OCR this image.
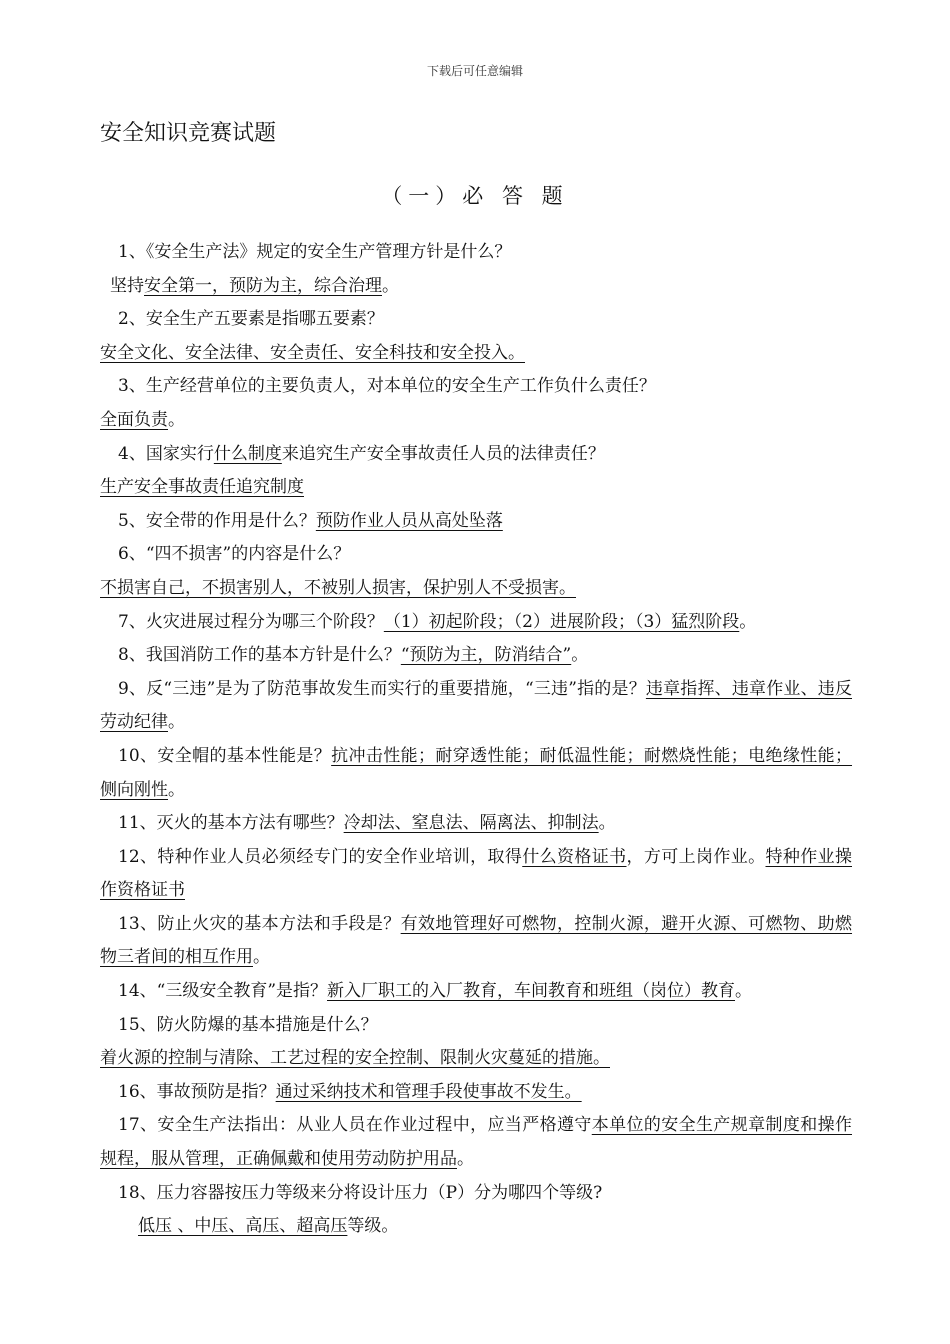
下载后可任意编辑
安全知识竞赛试题
（一）必 答 题

1、《安全生产法》规定的安全生产管理方针是什么？

坚持安全第一，预防为主，综合治理。

2、安全生产五要素是指哪五要素？

安全文化、安全法律、安全责任、安全科技和安全投入。

3、生产经营单位的主要负责人，对本单位的安全生产工作负什么责任？

全面负责。

4、国家实行什么制度来追究生产安全事故责任人员的法律责任？

生产安全事故责任追究制度

5、安全带的作用是什么？预防作业人员从高处坠落

6、“四不损害”的内容是什么？

不损害自己，不损害别人，不被别人损害，保护别人不受损害。

7、火灾进展过程分为哪三个阶段？（1）初起阶段；（2）进展阶段；（3）猛烈阶段。

8、我国消防工作的基本方针是什么？“预防为主，防消结合”。

9、反“三违”是为了防范事故发生而实行的重要措施，“三违”指的是？违章指挥、违章作业、违反劳动纪律。

10、安全帽的基本性能是？抗冲击性能；耐穿透性能；耐低温性能；耐燃烧性能；电绝缘性能；侧向刚性。

11、灭火的基本方法有哪些？冷却法、窒息法、隔离法、抑制法。

12、特种作业人员必须经专门的安全作业培训，取得什么资格证书，方可上岗作业。特种作业操作资格证书

13、防止火灾的基本方法和手段是？有效地管理好可燃物，控制火源，避开火源、可燃物、助燃物三者间的相互作用。

14、“三级安全教育”是指？新入厂职工的入厂教育，车间教育和班组（岗位）教育。

15、防火防爆的基本措施是什么？

着火源的控制与清除、工艺过程的安全控制、限制火灾蔓延的措施。

16、事故预防是指？通过采纳技术和管理手段使事故不发生。

17、安全生产法指出：从业人员在作业过程中，应当严格遵守本单位的安全生产规章制度和操作规程，服从管理，正确佩戴和使用劳动防护用品。

18、压力容器按压力等级来分将设计压力（P）分为哪四个等级?

低压 、中压、高压、超高压等级。
